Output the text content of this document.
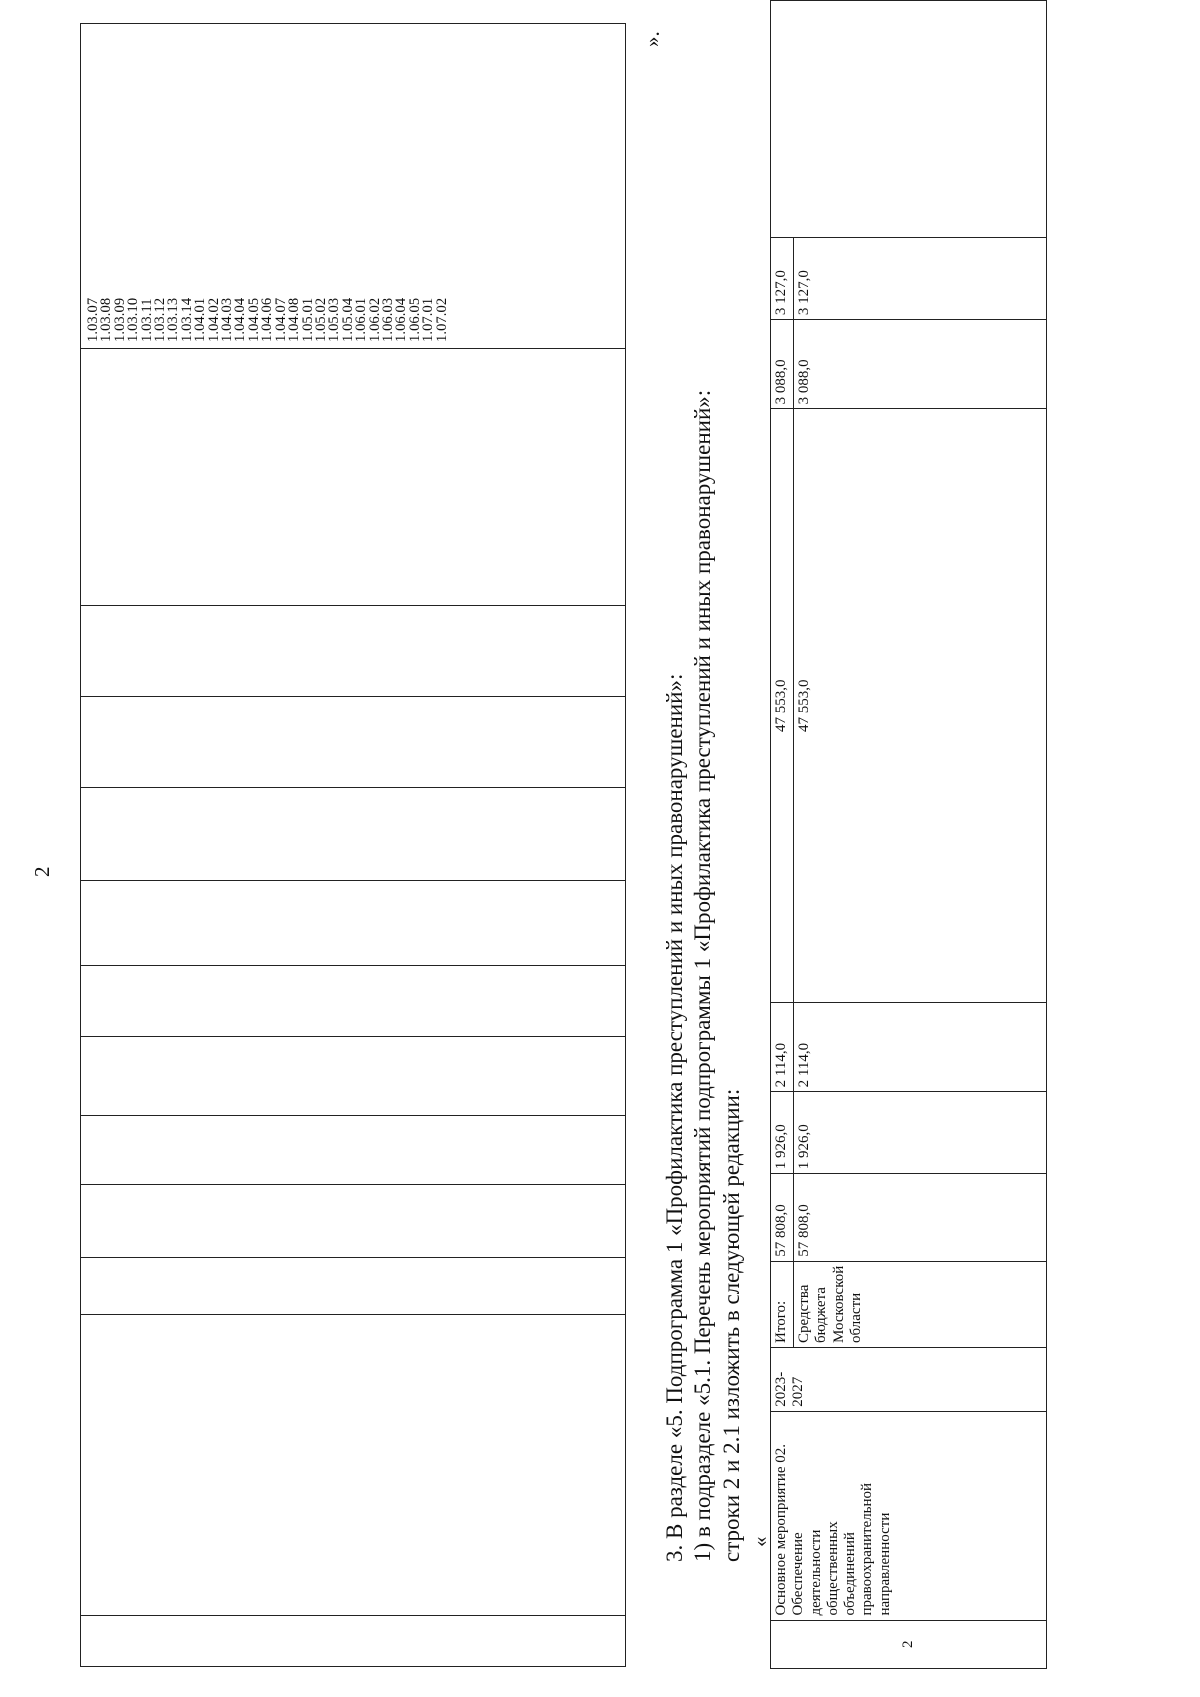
2

1.03.07
1.03.08
1.03.09
1.03.10
1.03.11
1.03.12
1.03.13
1.03.14
1.04.01
1.04.02
1.04.03
1.04.04
1.04.05
1.04.06
1.04.07
1.04.08
1.05.01
1.05.02
1.05.03
1.05.04
1.06.01
1.06.02
1.06.03
1.06.04
1.06.05
1.07.01
1.07.02
».
3. В разделе «5. Подпрограмма 1 «Профилактика преступлений и иных правонарушений»: 1) в подразделе «5.1. Перечень мероприятий подпрограммы 1 «Профилактика преступлений и иных правонарушений»: строки 2 и 2.1 изложить в следующей редакции: «
2	Основное мероприятие 02. Обеспечение деятельности общественных объединений правоохранительной направленности	2023-2027	Итого:	57 808,0	1 926,0	2 114,0	47 553,0	3 088,0	3 127,0	
			Средства бюджета Московской области	57 808,0	1 926,0	2 114,0	47 553,0	3 088,0	3 127,0	
